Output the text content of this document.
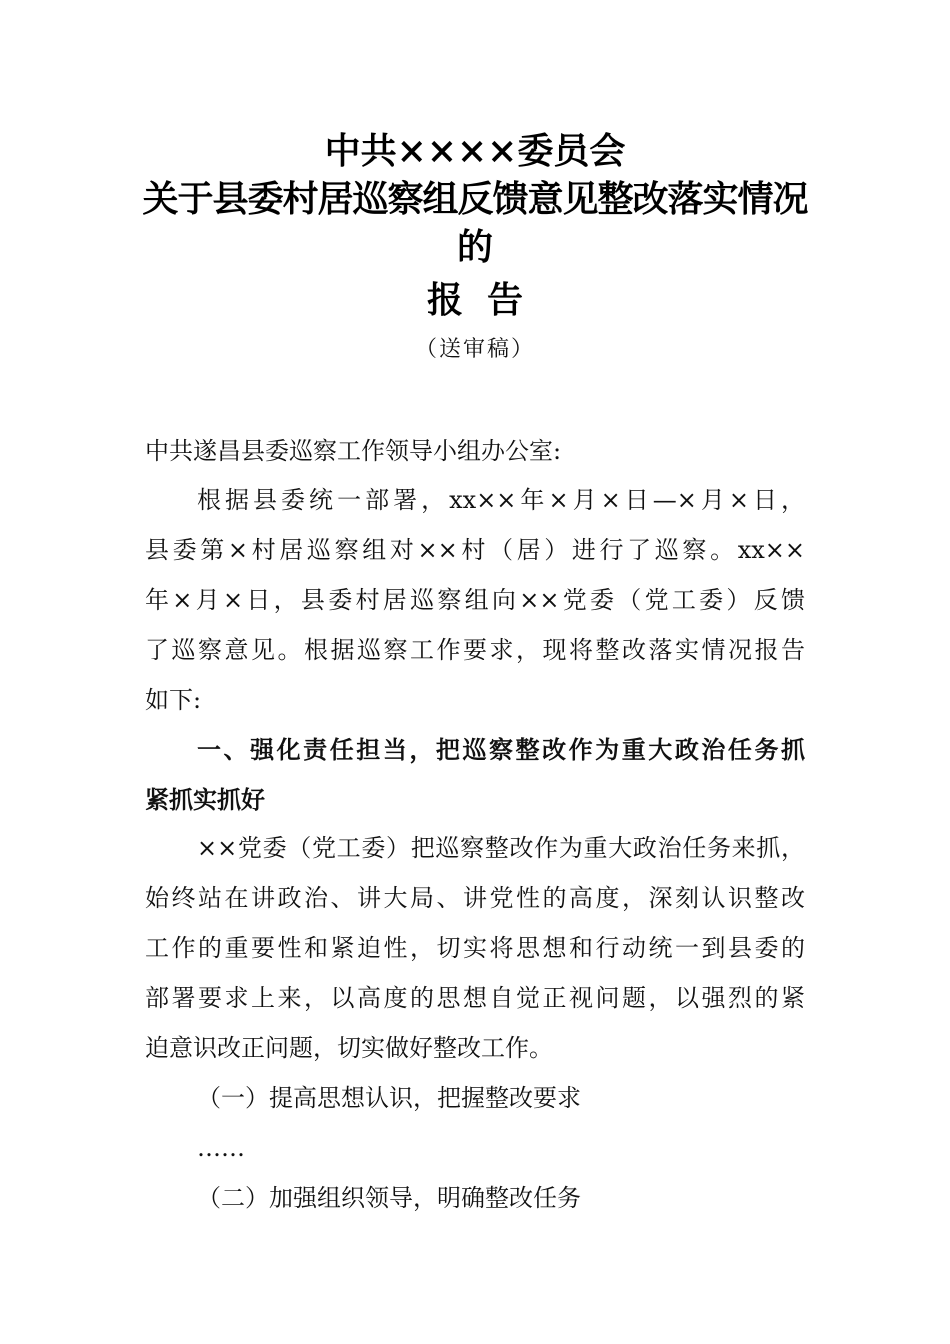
中共××××委员会
关于县委村居巡察组反馈意见整改落实情况
的
报告
（送审稿）
中共遂昌县委巡察工作领导小组办公室:
根据县委统一部署，xx××年×月×日—×月×日，
县委第×村居巡察组对××村（居）进行了巡察。xx××
年×月×日，县委村居巡察组向××党委（党工委）反馈
了巡察意见。根据巡察工作要求，现将整改落实情况报告
如下:
一、强化责任担当，把巡察整改作为重大政治任务抓
紧抓实抓好
××党委（党工委）把巡察整改作为重大政治任务来抓，
始终站在讲政治、讲大局、讲党性的高度，深刻认识整改
工作的重要性和紧迫性，切实将思想和行动统一到县委的
部署要求上来，以高度的思想自觉正视问题，以强烈的紧
迫意识改正问题，切实做好整改工作。
（一）提高思想认识，把握整改要求
……
（二）加强组织领导，明确整改任务
